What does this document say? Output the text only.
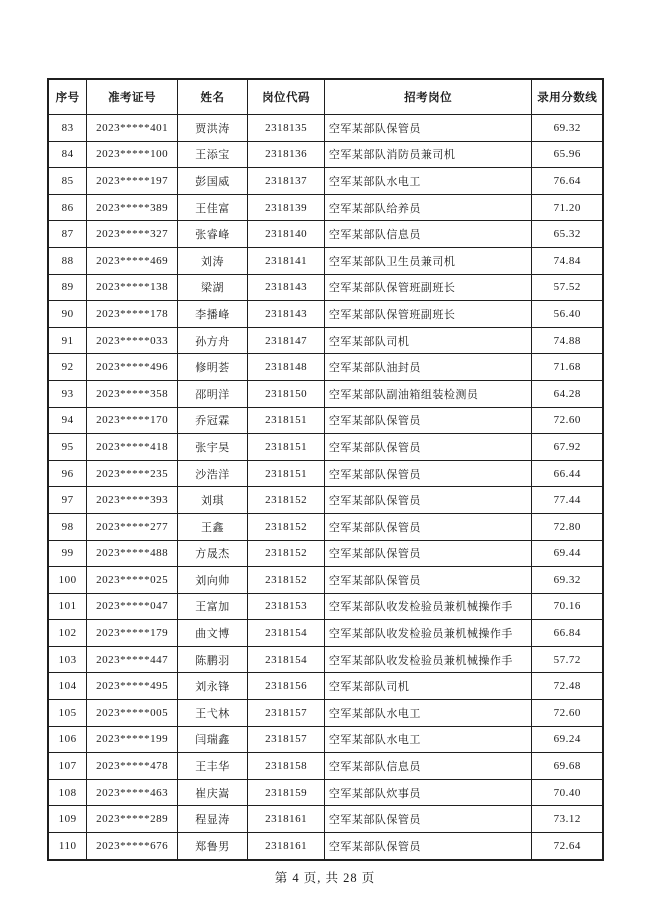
序号	准考证号	姓名	岗位代码	招考岗位	录用分数线
83	2023*****401	贾洪涛	2318135	空军某部队保管员	69.32
84	2023*****100	王添宝	2318136	空军某部队消防员兼司机	65.96
85	2023*****197	彭国威	2318137	空军某部队水电工	76.64
86	2023*****389	王佳富	2318139	空军某部队给养员	71.20
87	2023*****327	张睿峰	2318140	空军某部队信息员	65.32
88	2023*****469	刘涛	2318141	空军某部队卫生员兼司机	74.84
89	2023*****138	梁湖	2318143	空军某部队保管班副班长	57.52
90	2023*****178	李播峰	2318143	空军某部队保管班副班长	56.40
91	2023*****033	孙方舟	2318147	空军某部队司机	74.88
92	2023*****496	修明荟	2318148	空军某部队油封员	71.68
93	2023*****358	邵明洋	2318150	空军某部队副油箱组装检测员	64.28
94	2023*****170	乔冠霖	2318151	空军某部队保管员	72.60
95	2023*****418	张宇昊	2318151	空军某部队保管员	67.92
96	2023*****235	沙浩洋	2318151	空军某部队保管员	66.44
97	2023*****393	刘琪	2318152	空军某部队保管员	77.44
98	2023*****277	王鑫	2318152	空军某部队保管员	72.80
99	2023*****488	方晟杰	2318152	空军某部队保管员	69.44
100	2023*****025	刘向帅	2318152	空军某部队保管员	69.32
101	2023*****047	王富加	2318153	空军某部队收发检验员兼机械操作手	70.16
102	2023*****179	曲文博	2318154	空军某部队收发检验员兼机械操作手	66.84
103	2023*****447	陈鹏羽	2318154	空军某部队收发检验员兼机械操作手	57.72
104	2023*****495	刘永锋	2318156	空军某部队司机	72.48
105	2023*****005	王弋林	2318157	空军某部队水电工	72.60
106	2023*****199	闫瑞鑫	2318157	空军某部队水电工	69.24
107	2023*****478	王丰华	2318158	空军某部队信息员	69.68
108	2023*****463	崔庆嵩	2318159	空军某部队炊事员	70.40
109	2023*****289	程显涛	2318161	空军某部队保管员	73.12
110	2023*****676	郑鲁男	2318161	空军某部队保管员	72.64
第 4 页, 共 28 页
